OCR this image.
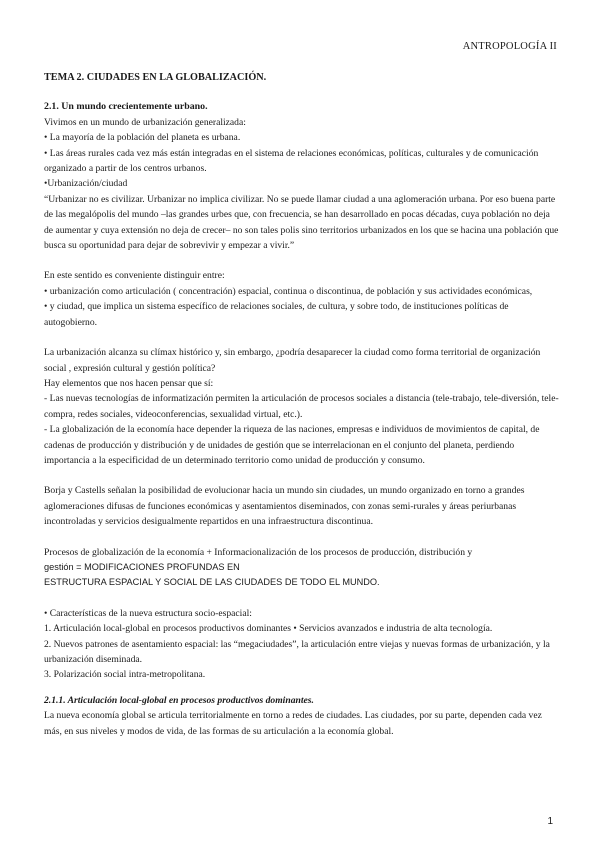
ANTROPOLOGÍA II

TEMA 2. CIUDADES EN LA GLOBALIZACIÓN.

2.1. Un mundo crecientemente urbano.

Vivimos en un mundo de urbanización generalizada:

• La mayoría de la población del planeta es urbana.

• Las áreas rurales cada vez más están integradas en el sistema de relaciones económicas, políticas, culturales y de comunicación organizado a partir de los centros urbanos.

•Urbanización/ciudad

“Urbanizar no es civilizar. Urbanizar no implica civilizar. No se puede llamar ciudad a una aglomeración urbana. Por eso buena parte de las megalópolis del mundo –las grandes urbes que, con frecuencia, se han desarrollado en pocas décadas, cuya población no deja de aumentar y cuya extensión no deja de crecer– no son tales polis sino territorios urbanizados en los que se hacina una población que busca su oportunidad para dejar de sobrevivir y empezar a vivir.”

En este sentido es conveniente distinguir entre:

• urbanización como articulación ( concentración) espacial, continua o discontinua, de población y sus actividades económicas,

• y ciudad, que implica un sistema específico de relaciones sociales, de cultura, y sobre todo, de instituciones políticas de autogobierno.

La urbanización alcanza su clímax histórico y, sin embargo, ¿podría desaparecer la ciudad como forma territorial de organización social , expresión cultural y gestión política?

Hay elementos que nos hacen pensar que sí:

- Las nuevas tecnologías de informatización permiten la articulación de procesos sociales a distancia (tele-trabajo, tele-diversión, tele-compra, redes sociales, videoconferencias, sexualidad virtual, etc.).

- La globalización de la economía hace depender la riqueza de las naciones, empresas e individuos de movimientos de capital, de cadenas de producción y distribución y de unidades de gestión que se interrelacionan en el conjunto del planeta, perdiendo importancia a la especificidad de un determinado territorio como unidad de producción y consumo.

Borja y Castells señalan la posibilidad de evolucionar hacia un mundo sin ciudades, un mundo organizado en torno a grandes aglomeraciones difusas de funciones económicas y asentamientos diseminados, con zonas semi-rurales y áreas periurbanas incontroladas y servicios desigualmente repartidos en una infraestructura discontinua.

Procesos de globalización de la economía + Informacionalización de los procesos de producción, distribución y

gestión = MODIFICACIONES PROFUNDAS EN

ESTRUCTURA ESPACIAL Y SOCIAL DE LAS CIUDADES DE TODO EL MUNDO.

• Características de la nueva estructura socio-espacial:

1. Articulación local-global en procesos productivos dominantes • Servicios avanzados e industria de alta tecnología.

2. Nuevos patrones de asentamiento espacial: las “megaciudades”, la articulación entre viejas y nuevas formas de urbanización, y la urbanización diseminada.

3. Polarización social intra-metropolitana.

2.1.1. Articulación local-global en procesos productivos dominantes.

La nueva economía global se articula territorialmente en torno a redes de ciudades. Las ciudades, por su parte, dependen cada vez más, en sus niveles y modos de vida, de las formas de su articulación a la economía global.

1
